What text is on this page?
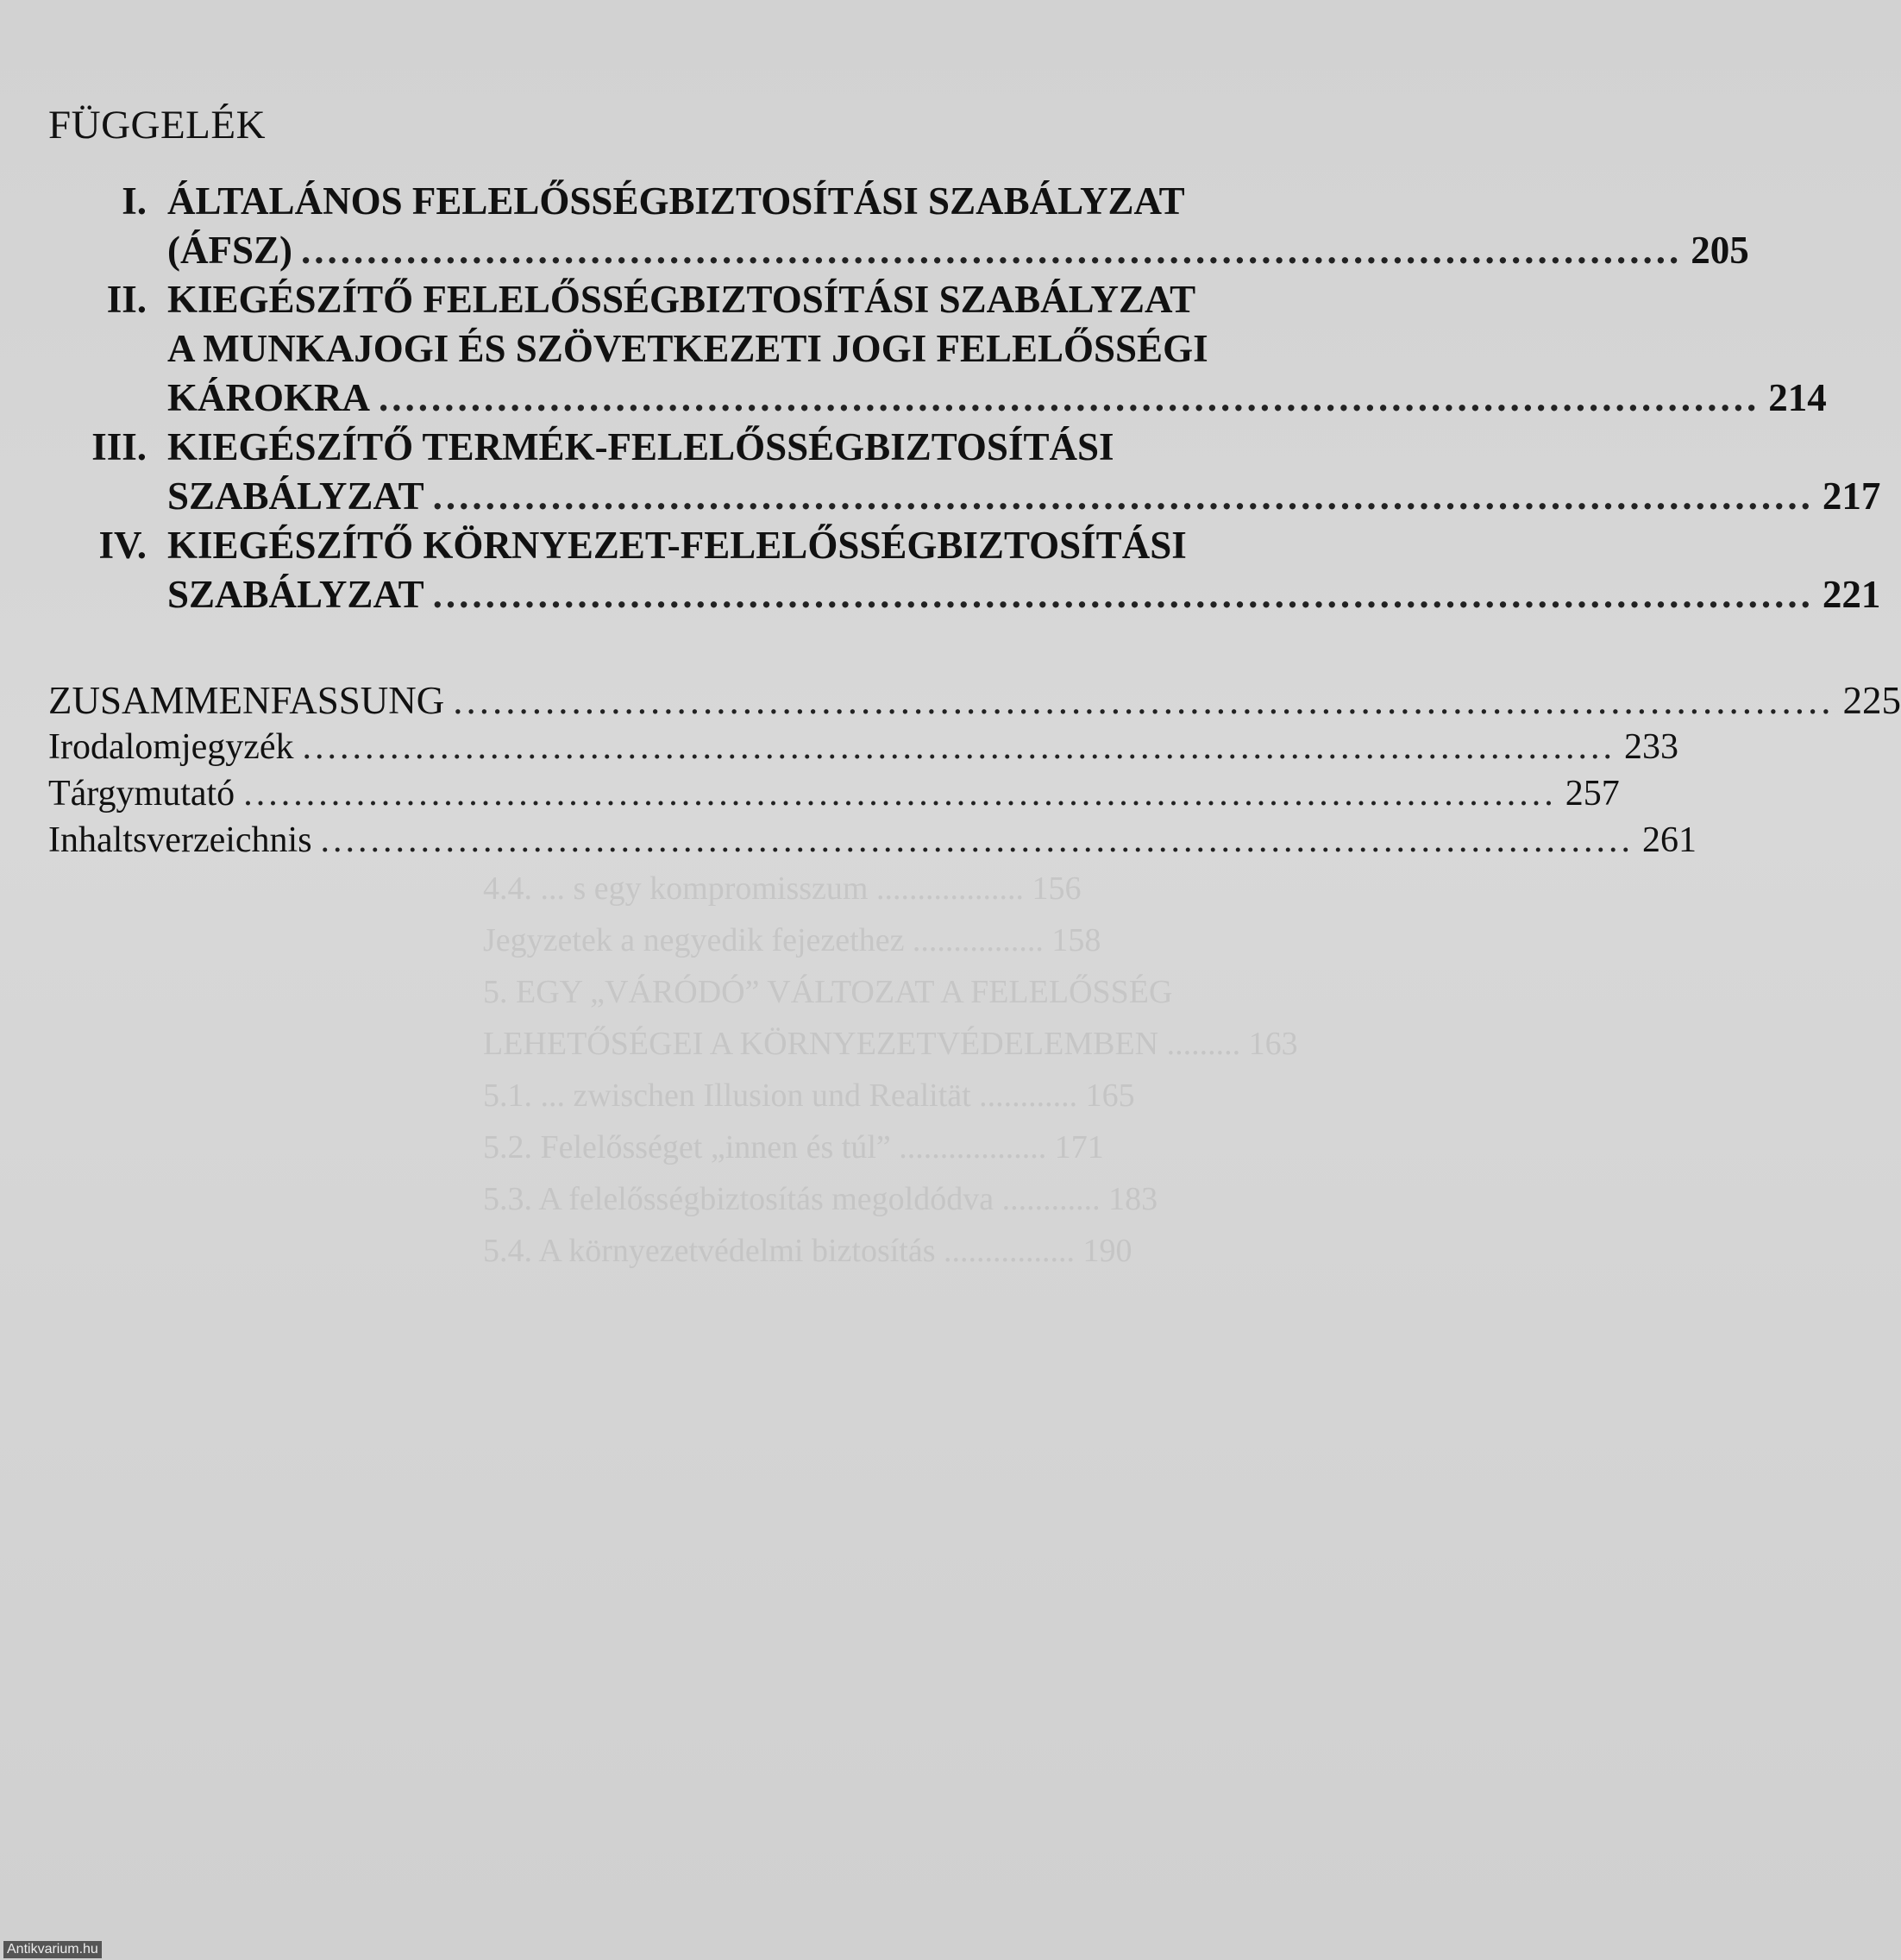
FÜGGELÉK
I. ÁLTALÁNOS FELELŐSSÉGBIZTOSÍTÁSI SZABÁLYZAT
(ÁFSZ) ......................................................................................................... 205
II. KIEGÉSZÍTŐ FELELŐSSÉGBIZTOSÍTÁSI SZABÁLYZAT
A MUNKAJOGI ÉS SZÖVETKEZETI JOGI FELELŐSSÉGI
KÁROKRA ......................................................................................................... 214
III. KIEGÉSZÍTŐ TERMÉK-FELELŐSSÉGBIZTOSÍTÁSI
SZABÁLYZAT ......................................................................................................... 217
IV. KIEGÉSZÍTŐ KÖRNYEZET-FELELŐSSÉGBIZTOSÍTÁSI
SZABÁLYZAT ......................................................................................................... 221
ZUSAMMENFASSUNG ......................................................................................................... 225
Irodalomjegyzék ......................................................................................................... 233
Tárgymutató ......................................................................................................... 257
Inhaltsverzeichnis ......................................................................................................... 261
4.4. ... s egy kompromisszum .................. 156
Jegyzetek a negyedik fejezethez ................ 158
5. EGY „VÁRÓDÓ” VÁLTOZAT A FELELŐSSÉG
LEHETŐSÉGEI A KÖRNYEZETVÉDELEMBEN ......... 163
5.1. ... zwischen Illusion und Realität ............ 165
5.2. Felelősséget „innen és túl” .................. 171
5.3. A felelősségbiztosítás megoldódva ............ 183
5.4. A környezetvédelmi biztosítás ................ 190
Antikvarium.hu
